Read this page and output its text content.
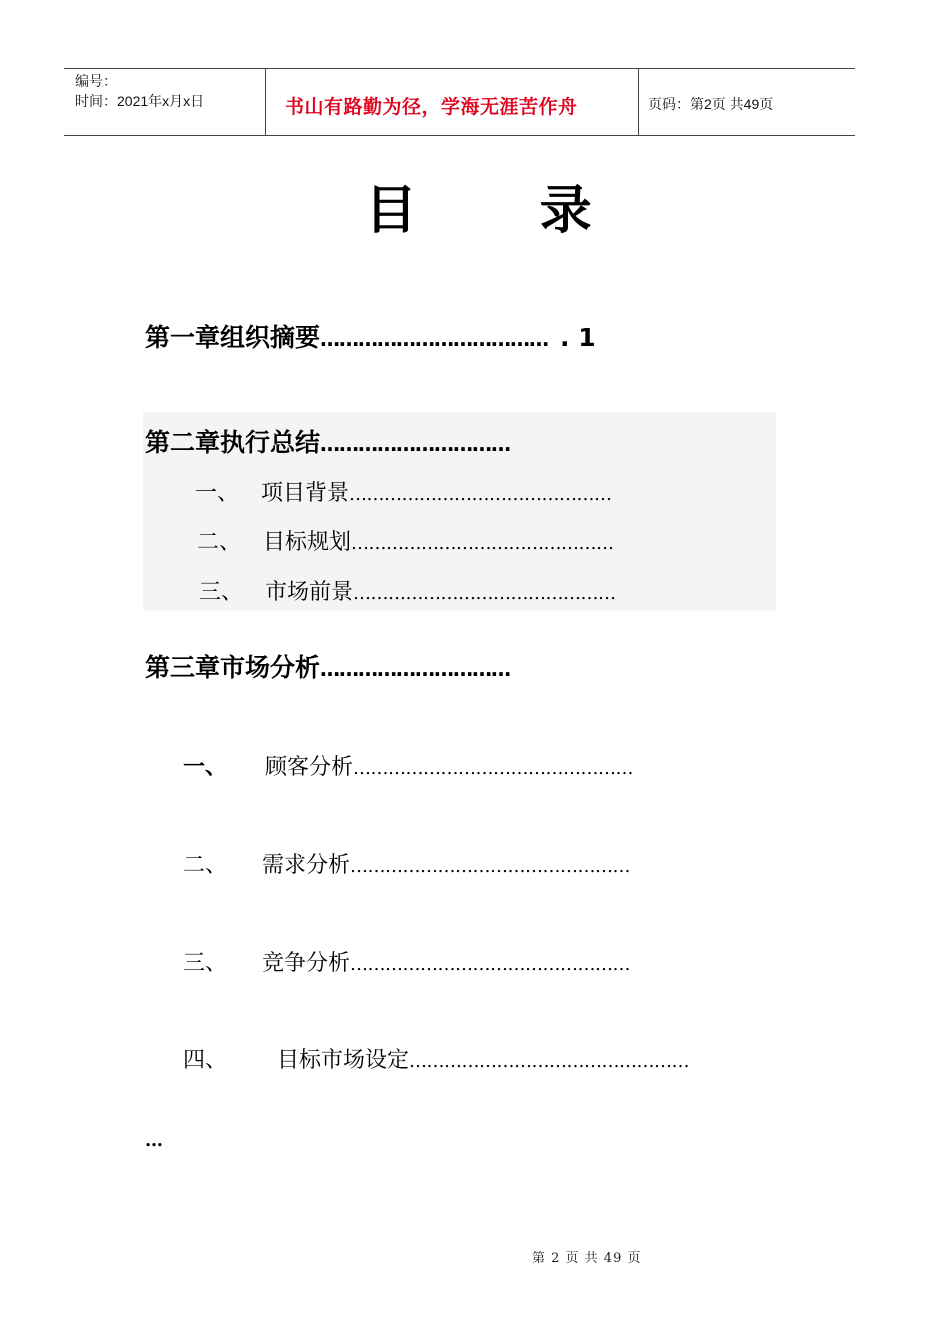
编号：
时间：2021年x月x日	书山有路勤为径，学海无涯苦作舟	页码：第2页 共49页
目      录
第一章组织摘要……………………………… . 1
第二章执行总结…………………………
一、 项目背景………………………………………
二、 目标规划………………………………………
三、 市场前景………………………………………
第三章市场分析…………………………
一、 顾客分析…………………………………………
二、 需求分析…………………………………………
三、 竞争分析…………………………………………
四、 目标市场设定…………………………………………
…
第 2 页 共 49 页
